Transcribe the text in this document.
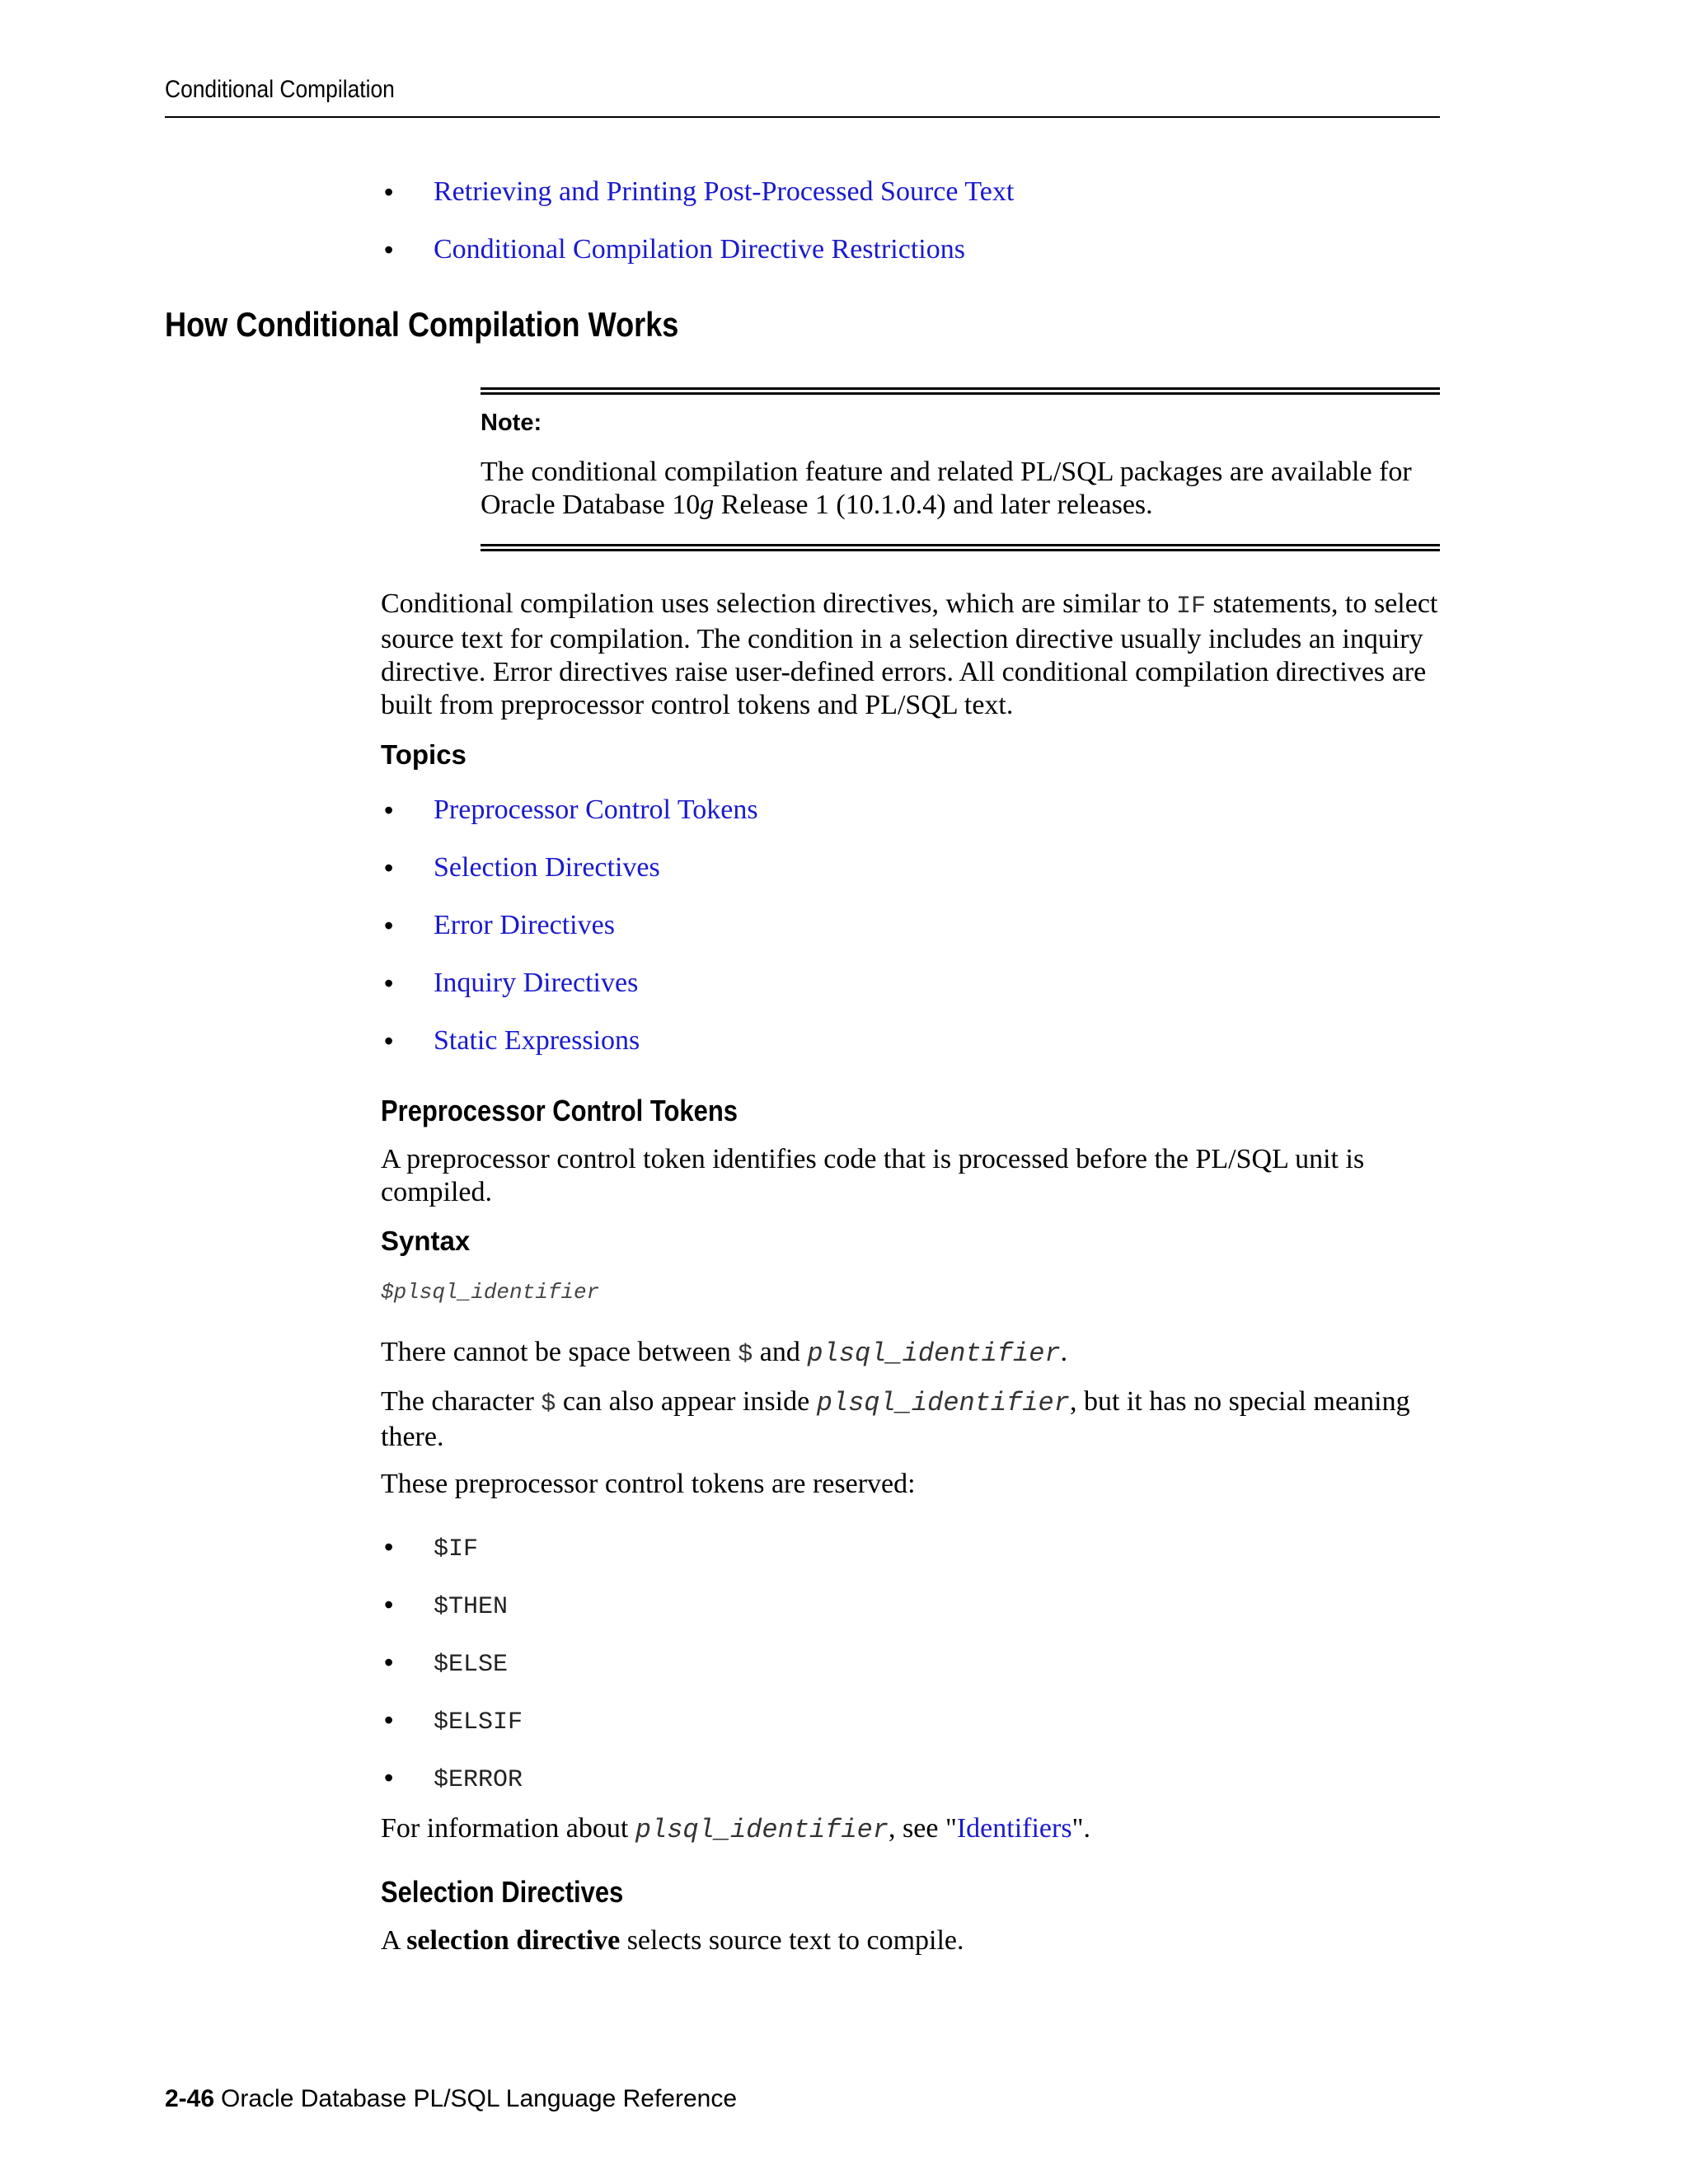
Conditional Compilation
• Retrieving and Printing Post-Processed Source Text
• Conditional Compilation Directive Restrictions
How Conditional Compilation Works
Note:
The conditional compilation feature and related PL/SQL packages are available for Oracle Database 10g Release 1 (10.1.0.4) and later releases.

Conditional compilation uses selection directives, which are similar to IF statements, to select source text for compilation. The condition in a selection directive usually includes an inquiry directive. Error directives raise user-defined errors. All conditional compilation directives are built from preprocessor control tokens and PL/SQL text.

Topics
• Preprocessor Control Tokens
• Selection Directives
• Error Directives
• Inquiry Directives
• Static Expressions
Preprocessor Control Tokens

A preprocessor control token identifies code that is processed before the PL/SQL unit is compiled.

Syntax
$plsql_identifier

There cannot be space between $ and plsql_identifier.

The character $ can also appear inside plsql_identifier, but it has no special meaning there.

These preprocessor control tokens are reserved:

• $IF
• $THEN
• $ELSE
• $ELSIF
• $ERROR

For information about plsql_identifier, see "Identifiers".

Selection Directives

A selection directive selects source text to compile.

2-46 Oracle Database PL/SQL Language Reference
